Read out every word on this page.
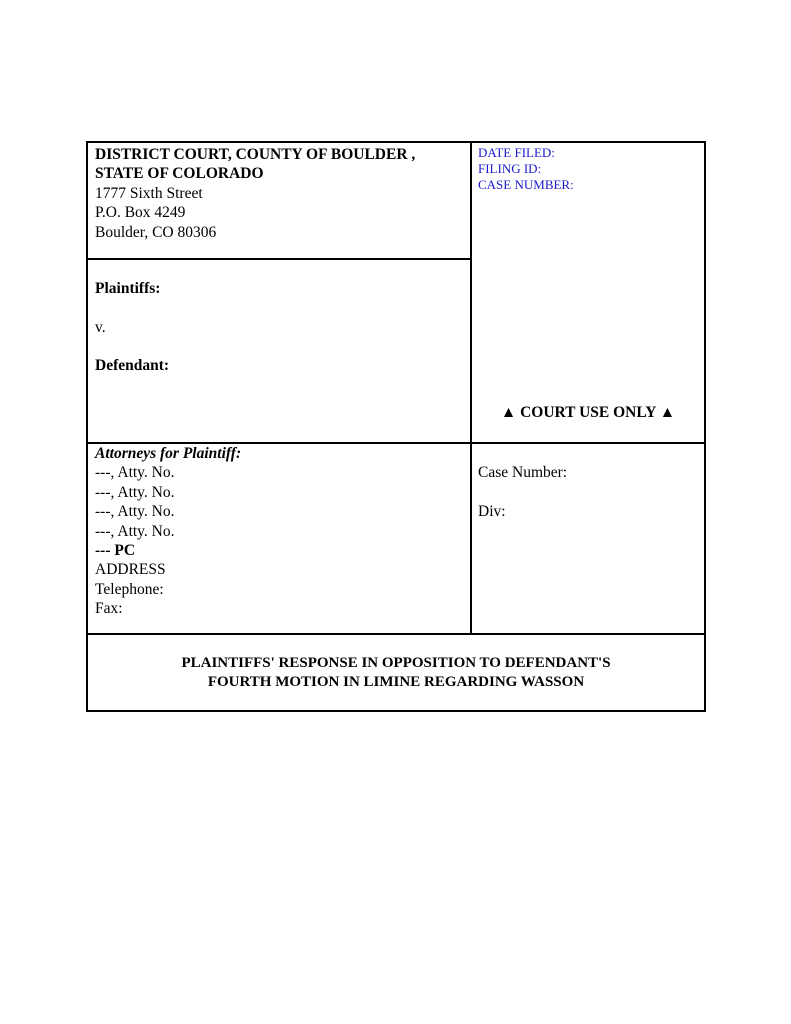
DISTRICT COURT, COUNTY OF BOULDER ,
STATE OF COLORADO
1777 Sixth Street
P.O. Box 4249
Boulder, CO 80306
DATE FILED:
FILING ID:
CASE NUMBER:
Plaintiffs:
v.
Defendant:
▲ COURT USE ONLY ▲
Attorneys for Plaintiff:
---, Atty. No.
---, Atty. No.
---, Atty. No.
---, Atty. No.
--- PC
ADDRESS
Telephone:
Fax:
Case Number:
Div:
PLAINTIFFS' RESPONSE IN OPPOSITION TO DEFENDANT'S
FOURTH MOTION IN LIMINE REGARDING WASSON
